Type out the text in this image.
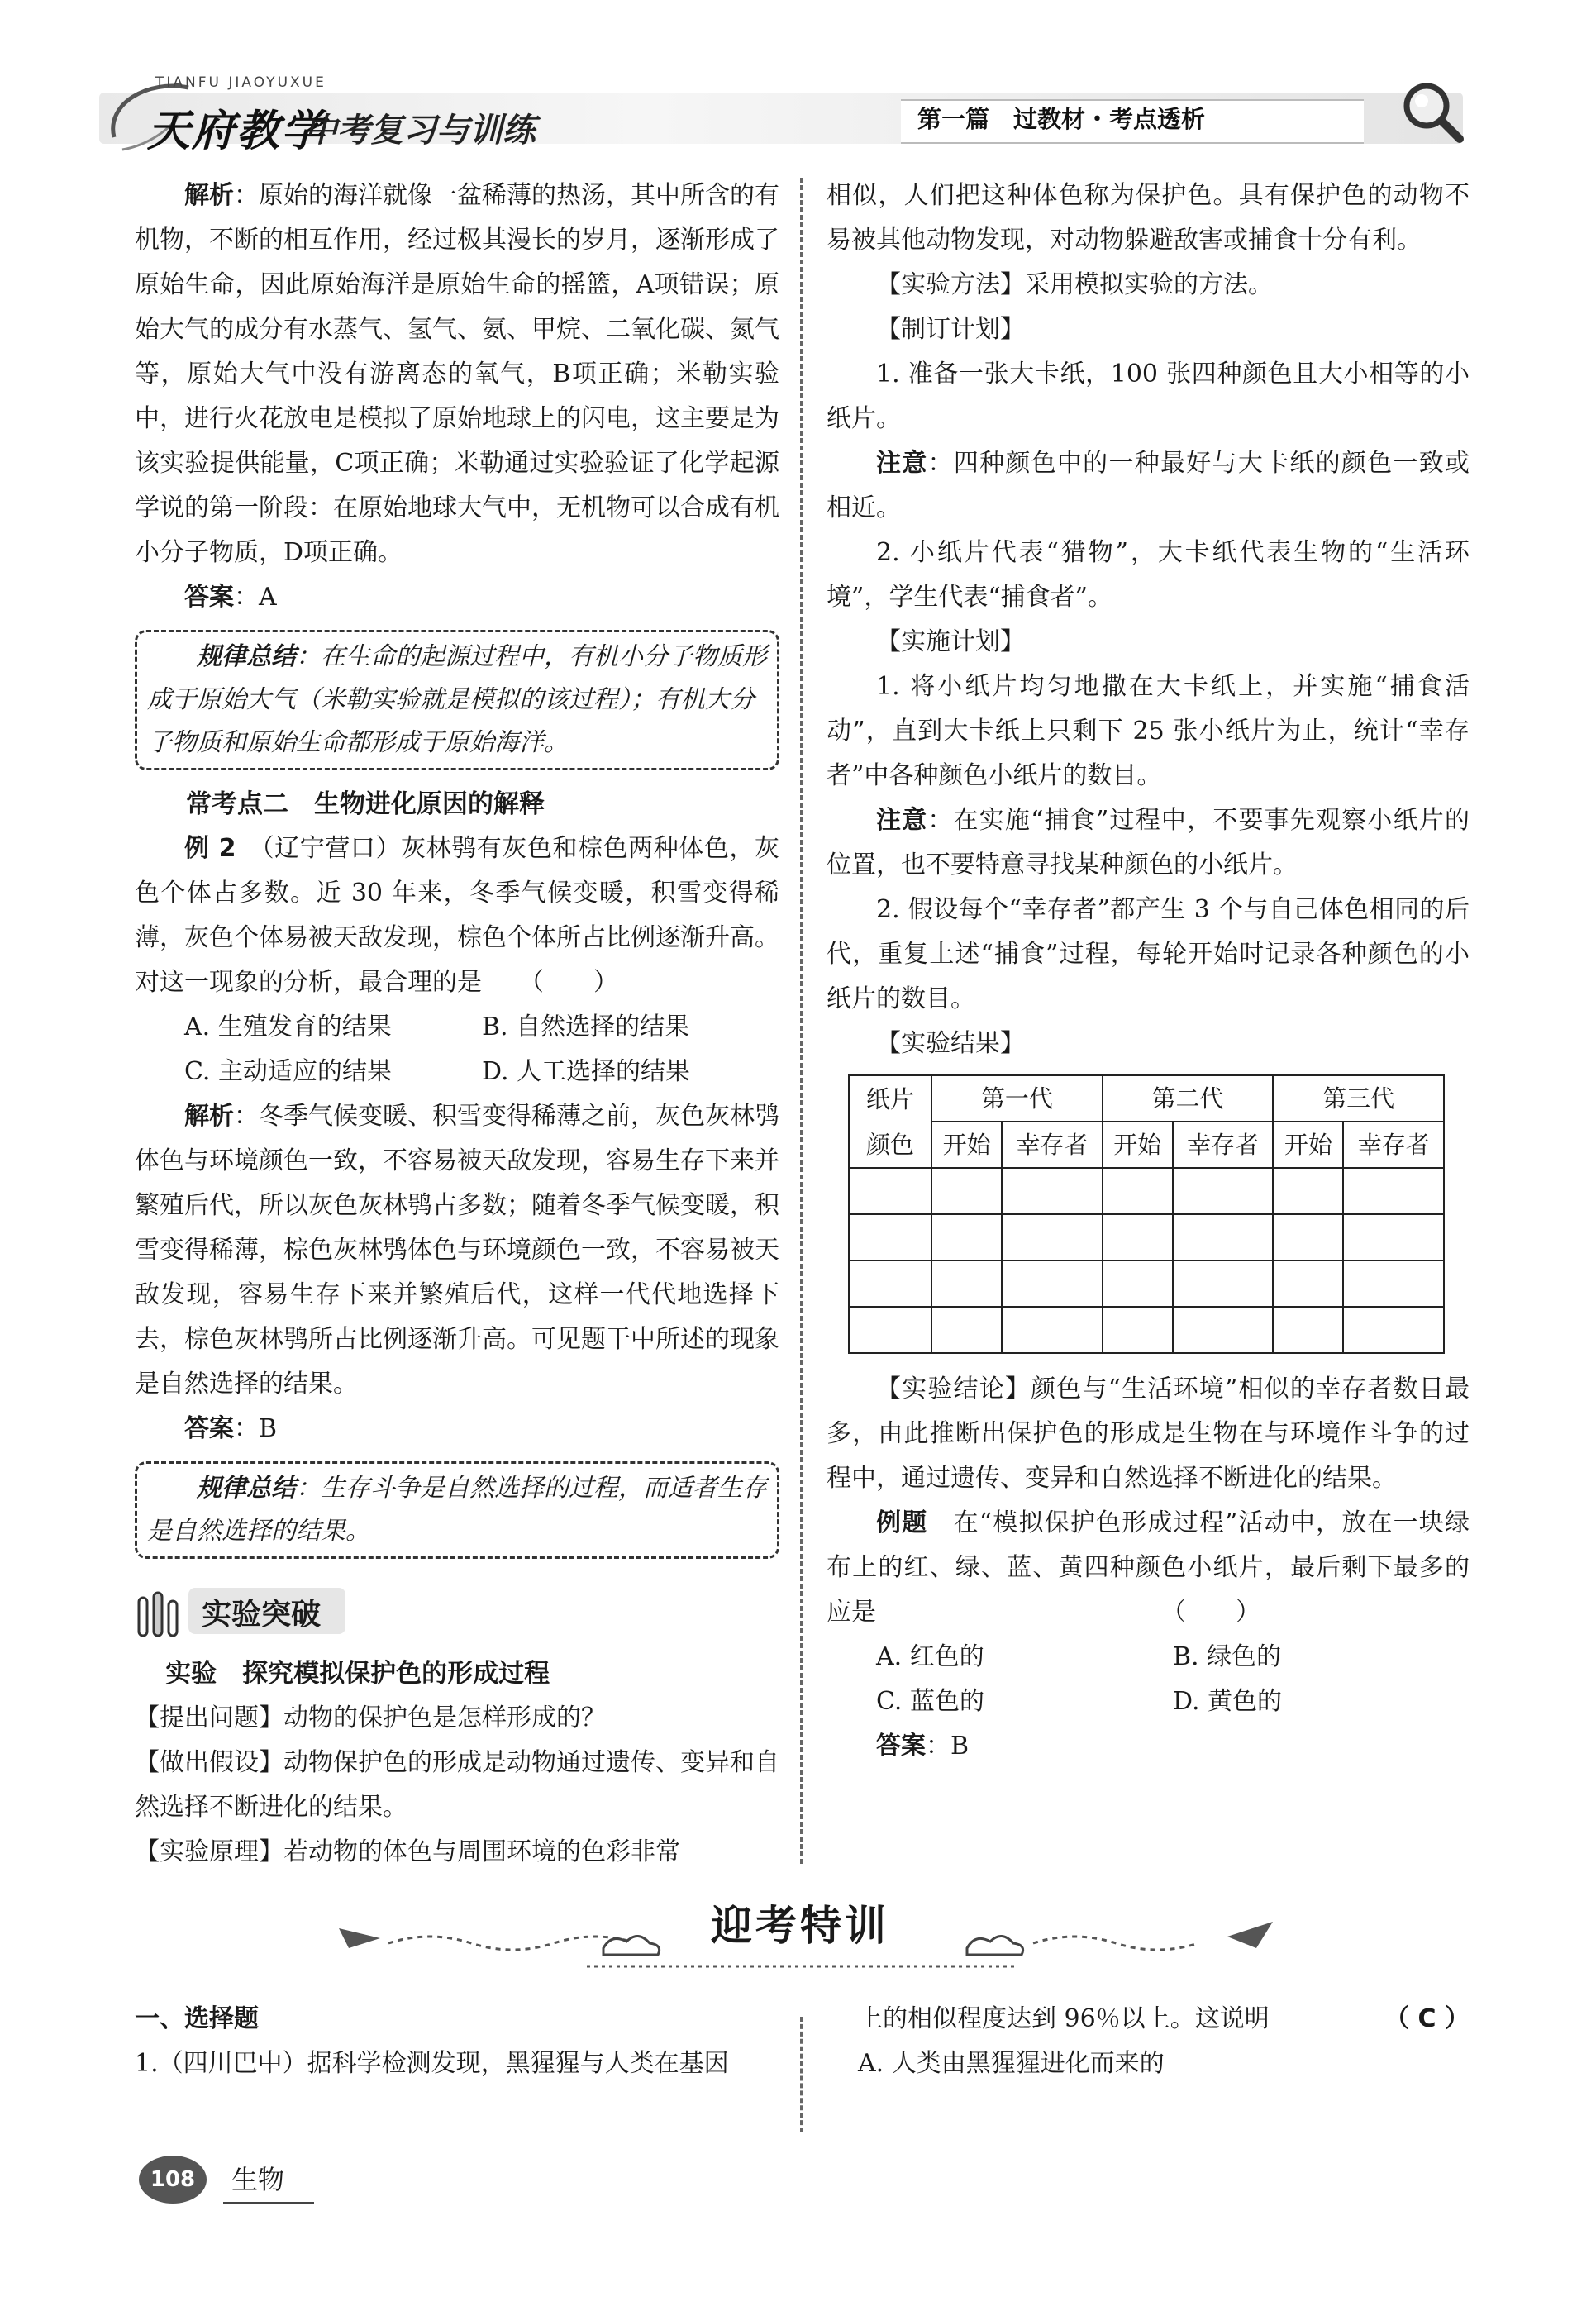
TIANFU JIAOYUXUE
天府教学
中考复习与训练	第一篇　过教材・考点透析

解析：原始的海洋就像一盆稀薄的热汤，其中所含的有机物，不断的相互作用，经过极其漫长的岁月，逐渐形成了原始生命，因此原始海洋是原始生命的摇篮，A项错误；原始大气的成分有水蒸气、氢气、氨、甲烷、二氧化碳、氮气等，原始大气中没有游离态的氧气，B项正确；米勒实验中，进行火花放电是模拟了原始地球上的闪电，这主要是为该实验提供能量，C项正确；米勒通过实验验证了化学起源学说的第一阶段：在原始地球大气中，无机物可以合成有机小分子物质，D项正确。

答案：A

规律总结：在生命的起源过程中，有机小分子物质形成于原始大气（米勒实验就是模拟的该过程）；有机大分子物质和原始生命都形成于原始海洋。

常考点二　生物进化原因的解释

例 2　 （辽宁营口）灰林鸮有灰色和棕色两种体色，灰色个体占多数。近 30 年来，冬季气候变暖，积雪变得稀薄，灰色个体易被天敌发现，棕色个体所占比例逐渐升高。对这一现象的分析，最合理的是　　（　　）

A. 生殖发育的结果	B. 自然选择的结果
C. 主动适应的结果	D. 人工选择的结果

解析：冬季气候变暖、积雪变得稀薄之前，灰色灰林鸮体色与环境颜色一致，不容易被天敌发现，容易生存下来并繁殖后代，所以灰色灰林鸮占多数；随着冬季气候变暖，积雪变得稀薄，棕色灰林鸮体色与环境颜色一致，不容易被天敌发现，容易生存下来并繁殖后代，这样一代代地选择下去，棕色灰林鸮所占比例逐渐升高。可见题干中所述的现象是自然选择的结果。

答案：B

规律总结：生存斗争是自然选择的过程，而适者生存是自然选择的结果。
实验突破

实验　探究模拟保护色的形成过程

【提出问题】动物的保护色是怎样形成的？

【做出假设】动物保护色的形成是动物通过遗传、变异和自然选择不断进化的结果。

【实验原理】若动物的体色与周围环境的色彩非常

相似，人们把这种体色称为保护色。具有保护色的动物不易被其他动物发现，对动物躲避敌害或捕食十分有利。

【实验方法】采用模拟实验的方法。

【制订计划】

1. 准备一张大卡纸，100 张四种颜色且大小相等的小纸片。

注意：四种颜色中的一种最好与大卡纸的颜色一致或相近。

2. 小纸片代表“猎物”，大卡纸代表生物的“生活环境”，学生代表“捕食者”。

【实施计划】

1. 将小纸片均匀地撒在大卡纸上，并实施“捕食活动”，直到大卡纸上只剩下 25 张小纸片为止，统计“幸存者”中各种颜色小纸片的数目。

注意：在实施“捕食”过程中，不要事先观察小纸片的位置，也不要特意寻找某种颜色的小纸片。

2. 假设每个“幸存者”都产生 3 个与自己体色相同的后代，重复上述“捕食”过程，每轮开始时记录各种颜色的小纸片的数目。

【实验结果】

纸片	第一代		第二代		第三代	
颜色	开始	幸存者	开始	幸存者	开始	幸存者

【实验结论】颜色与“生活环境”相似的幸存者数目最多，由此推断出保护色的形成是生物在与环境作斗争的过程中，通过遗传、变异和自然选择不断进化的结果。

例题　 在“模拟保护色形成过程”活动中，放在一块绿布上的红、绿、蓝、黄四种颜色小纸片，最后剩下最多的应是　　　　　　　　　　　　（　　）

A. 红色的	B. 绿色的
C. 蓝色的	D. 黄色的

答案：B

迎考特训

一、选择题

1.（四川巴中）据科学检测发现，黑猩猩与人类在基因

上的相似程度达到 96％以上。这说明	（ C ）

A. 人类由黑猩猩进化而来的

108	生物
